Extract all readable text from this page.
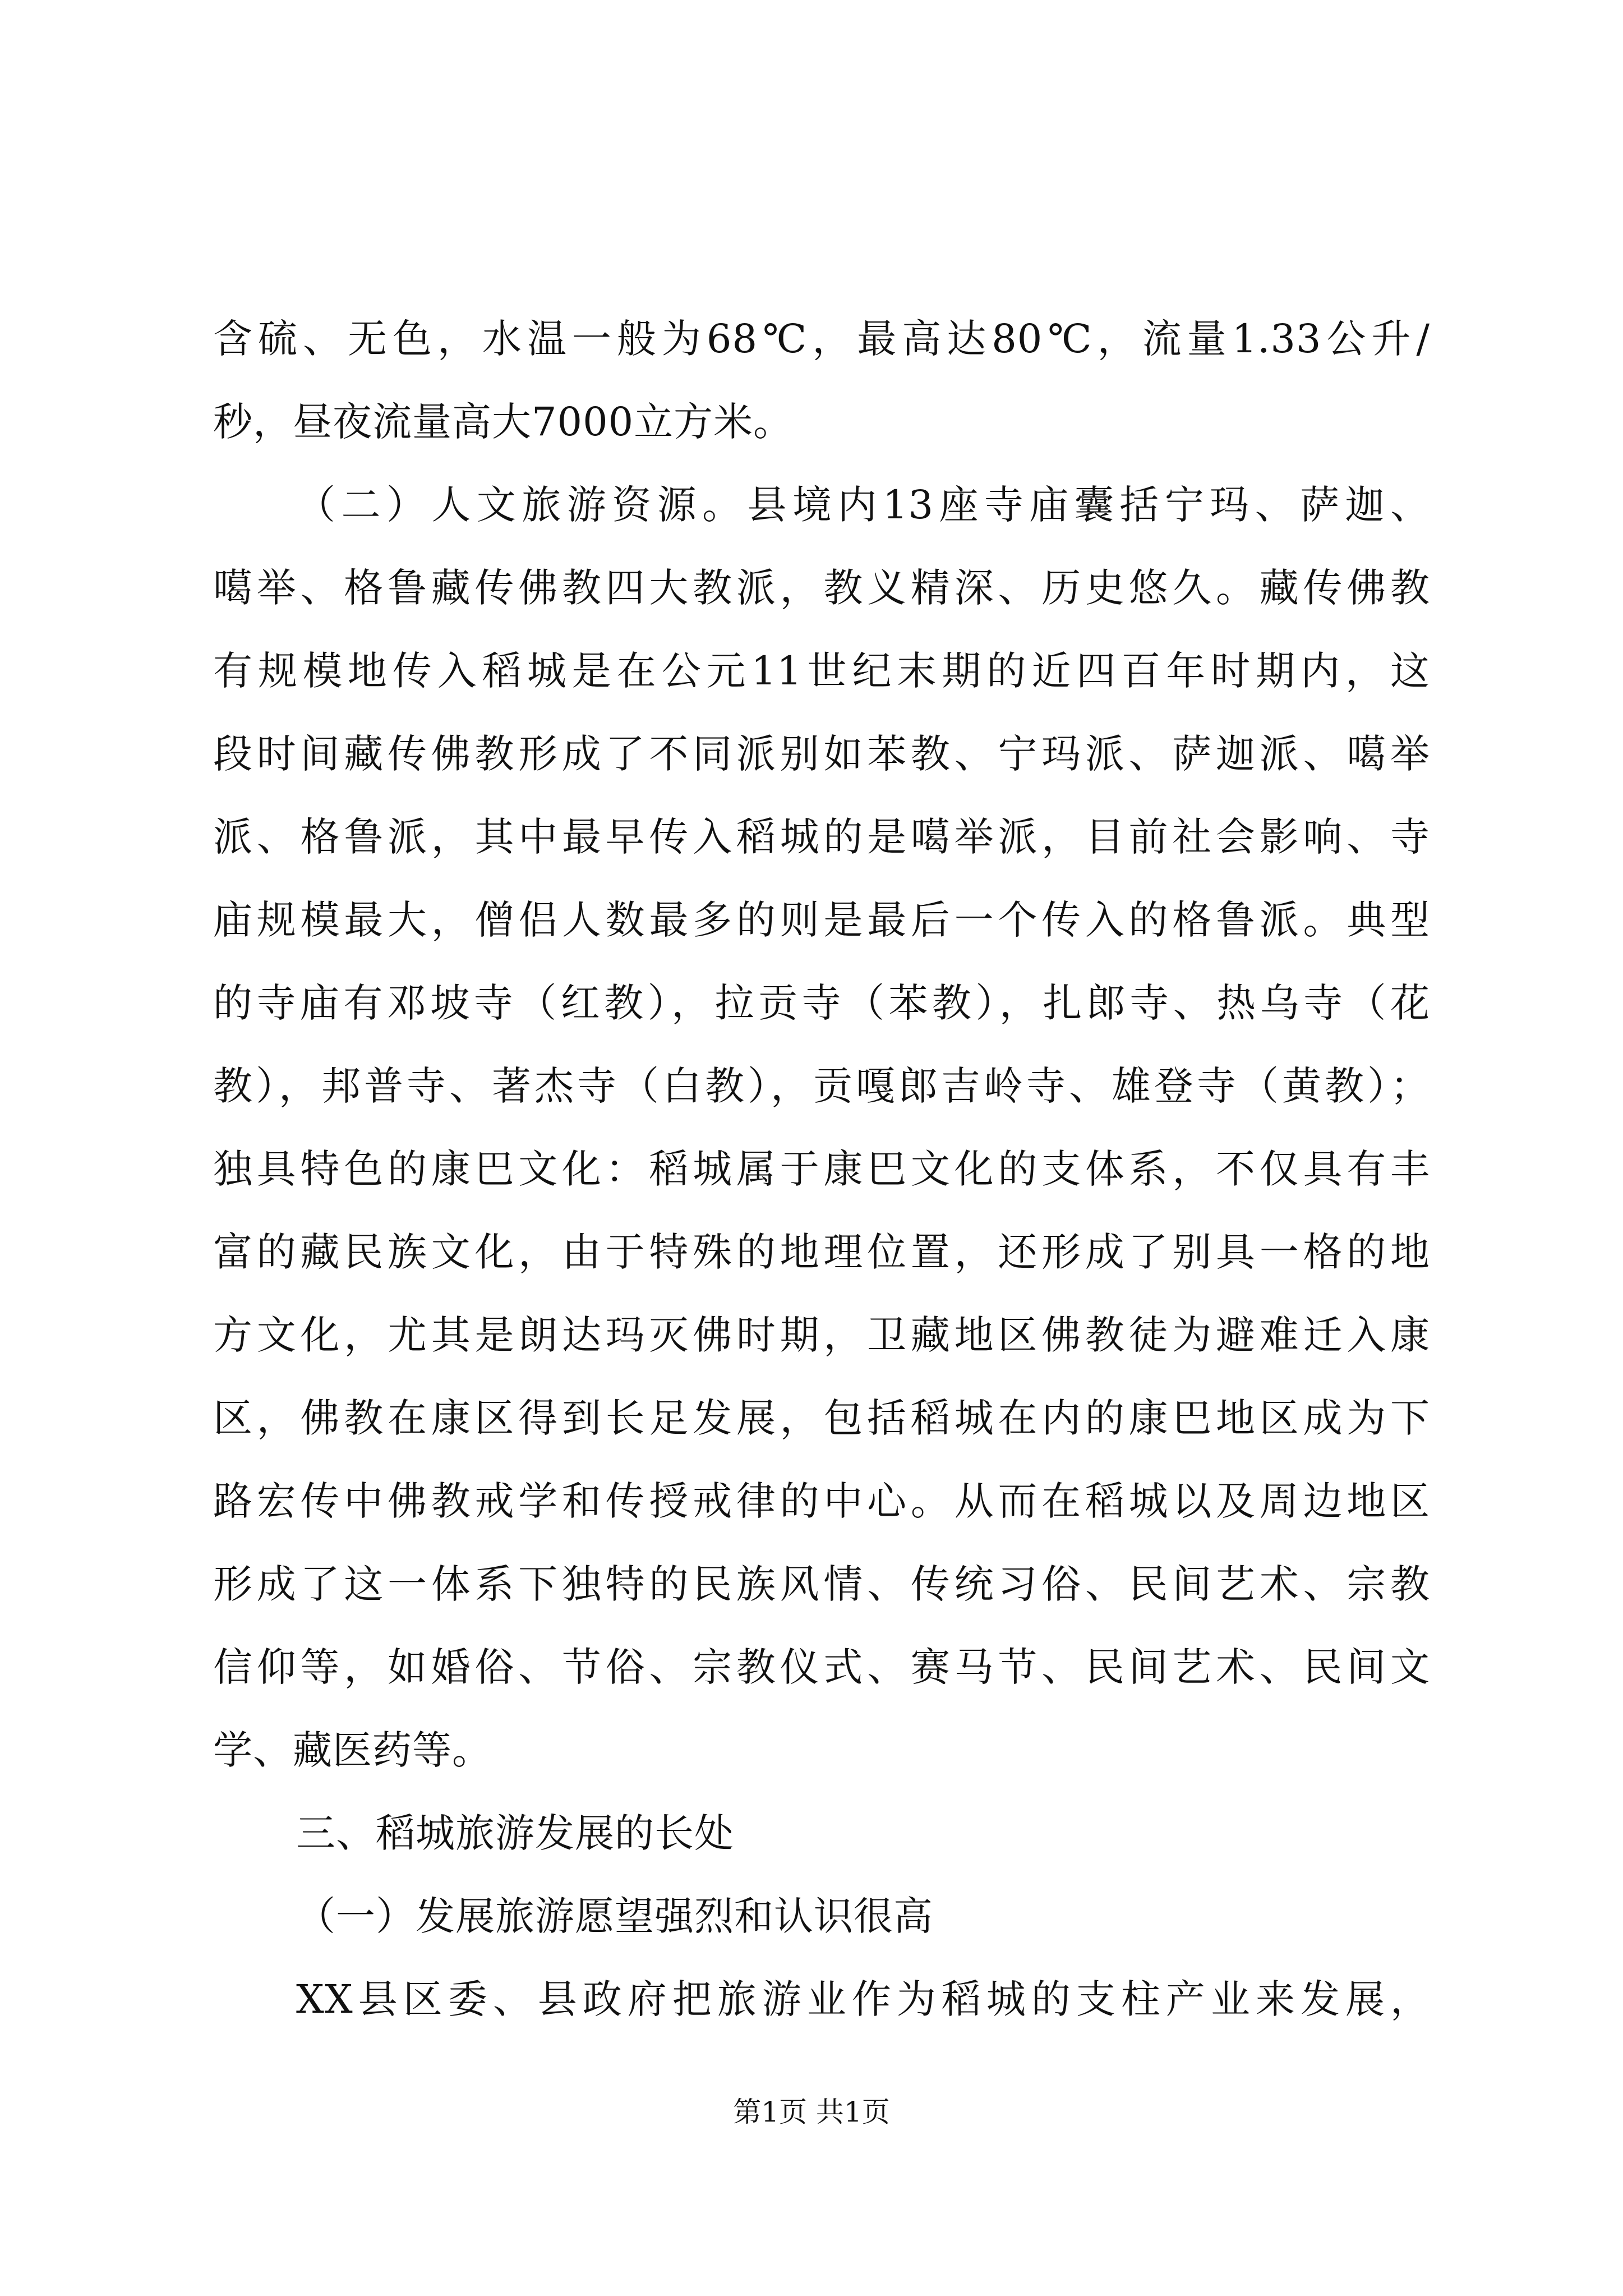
含硫、无色，水温一般为68℃，最高达80℃，流量1.33公升/
秒，昼夜流量高大7000立方米。
（二）人文旅游资源。县境内13座寺庙囊括宁玛、萨迦、
噶举、格鲁藏传佛教四大教派，教义精深、历史悠久。藏传佛教
有规模地传入稻城是在公元11世纪末期的近四百年时期内，这
段时间藏传佛教形成了不同派别如苯教、宁玛派、萨迦派、噶举
派、格鲁派，其中最早传入稻城的是噶举派，目前社会影响、寺
庙规模最大，僧侣人数最多的则是最后一个传入的格鲁派。典型
的寺庙有邓坡寺（红教），拉贡寺（苯教），扎郎寺、热乌寺（花
教），邦普寺、著杰寺（白教），贡嘎郎吉岭寺、雄登寺（黄教）；
独具特色的康巴文化：稻城属于康巴文化的支体系，不仅具有丰
富的藏民族文化，由于特殊的地理位置，还形成了别具一格的地
方文化，尤其是朗达玛灭佛时期，卫藏地区佛教徒为避难迁入康
区，佛教在康区得到长足发展，包括稻城在内的康巴地区成为下
路宏传中佛教戒学和传授戒律的中心。从而在稻城以及周边地区
形成了这一体系下独特的民族风情、传统习俗、民间艺术、宗教
信仰等，如婚俗、节俗、宗教仪式、赛马节、民间艺术、民间文
学、藏医药等。
三、稻城旅游发展的长处
（一）发展旅游愿望强烈和认识很高
XX县区委、县政府把旅游业作为稻城的支柱产业来发展，
第1页 共1页
